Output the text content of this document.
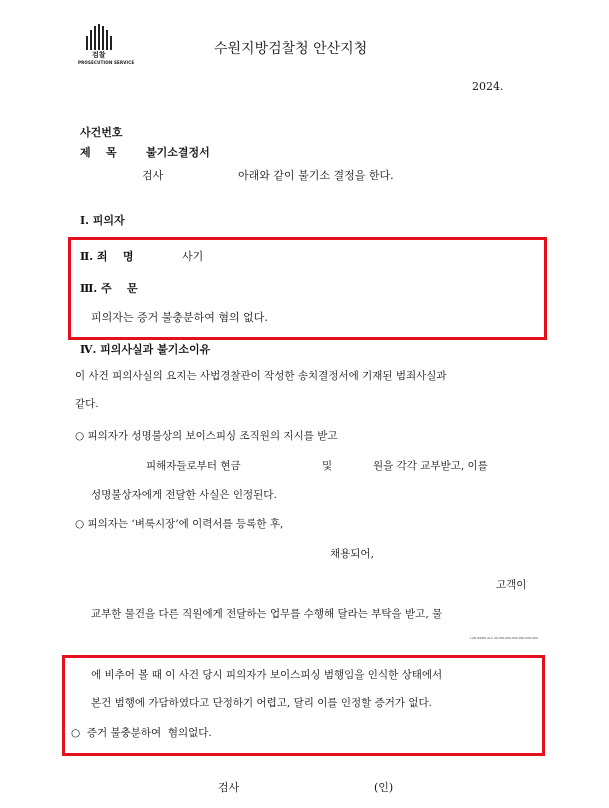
검찰
PROSECUTION SERVICE
수원지방검찰청 안산지청
2024.
사건번호
제    목	불기소결정서
검사	아래와 같이 불기소 결정을 한다.
Ⅰ. 피의자
Ⅱ. 죄    명	사기
Ⅲ. 주    문
피의자는 증거 불충분하여 혐의 없다.
Ⅳ. 피의사실과 불기소이유
이 사건 피의사실의 요지는 사법경찰관이 작성한 송치결정서에 기재된 범죄사실과
같다.
○ 피의자가 성명불상의 보이스피싱 조직원의 지시를 받고
피해자들로부터 현금	및	원을 각각 교부받고, 이를
성명불상자에게 전달한 사실은 인정된다.
○ 피의자는 ‘벼룩시장’에 이력서를 등록한 후,
채용되어,
고객이
교부한 물건을 다른 직원에게 전달하는 업무를 수행해 달라는 부탁을 받고, 물
LAN ISSMS ALC 40,000,000,000,000,000,000
에 비추어 볼 때 이 사건 당시 피의자가 보이스피싱 범행임을 인식한 상태에서
본건 범행에 가담하였다고 단정하기 어렵고, 달리 이를 인정할 증거가 없다.
○  증거 불충분하여  혐의없다.
검사	(인)
